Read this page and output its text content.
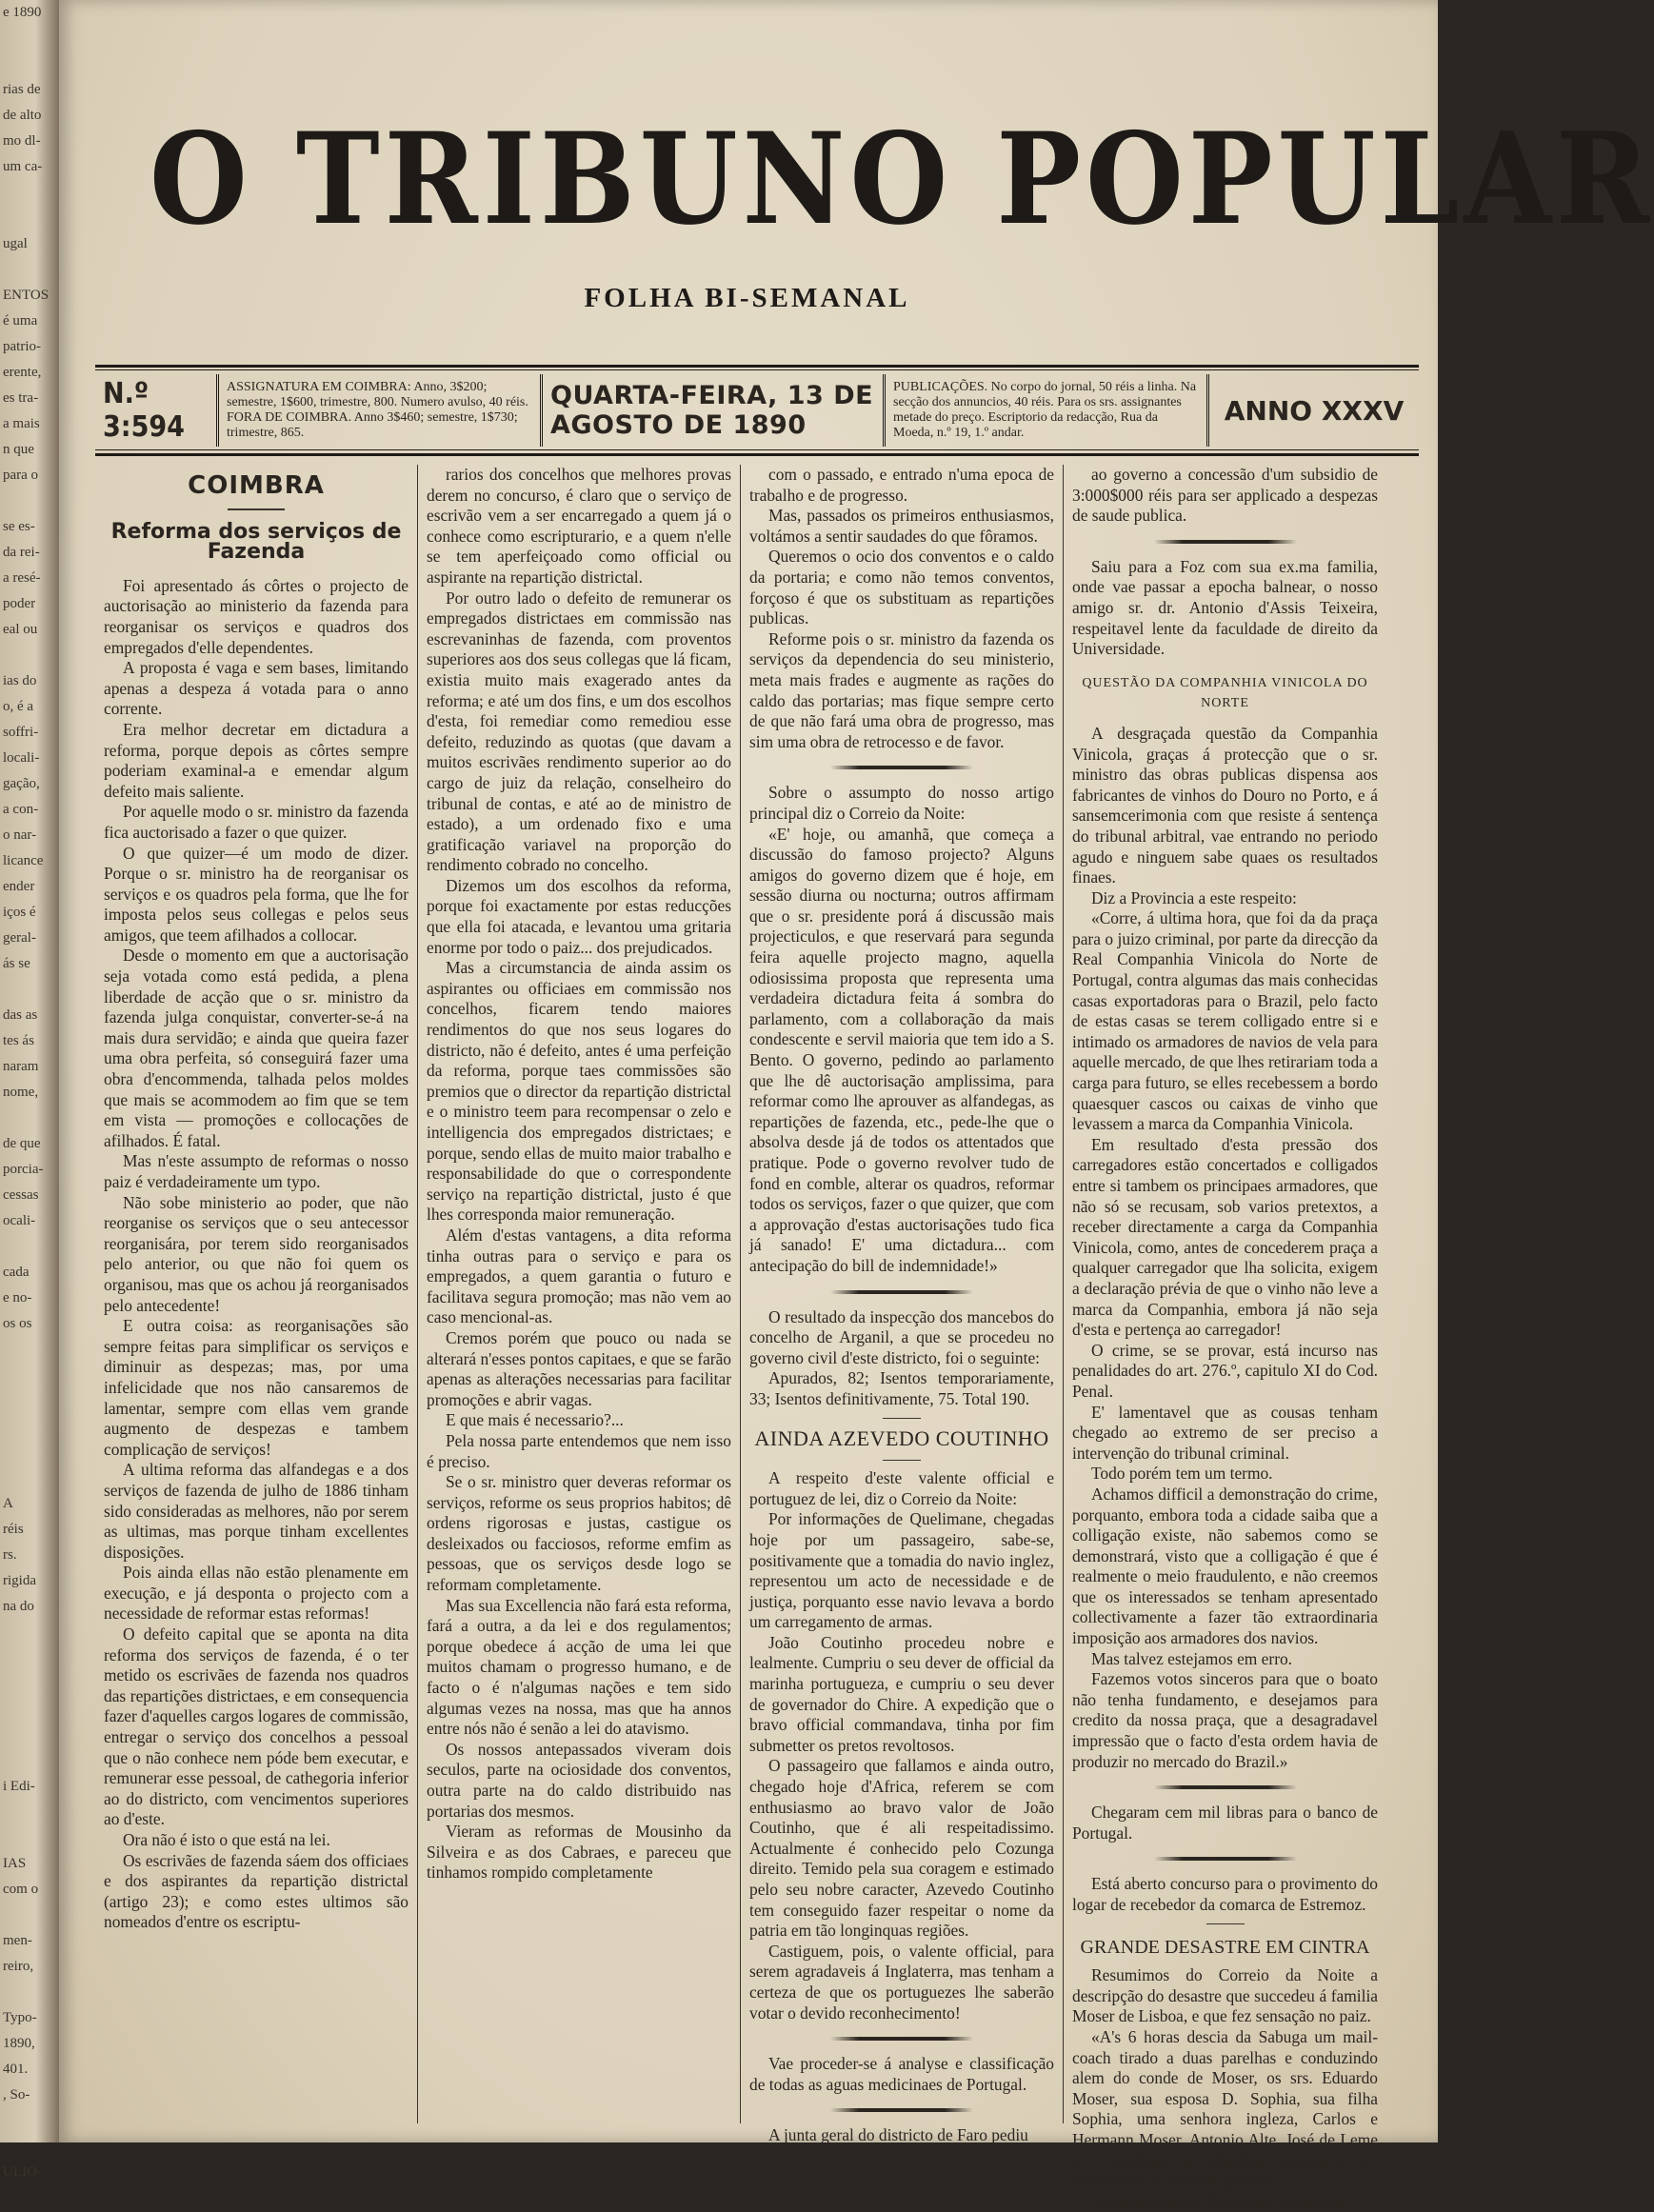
e 1890

rias de
de alto
mo dl-
um ca-

ugal

ENTOS
é uma
patrio-
erente,
es tra-
a mais
n que
para o

se es-
da rei-
a resé-
poder
eal ou

ias do
o, é a
soffri-
locali-
gação,
a con-
o nar-
licance
ender
iços é
geral-
ás se

das as
tes ás
naram
nome,

de que
porcia-
cessas
ocali-

cada
e no-
os os

A
réis
rs.
rigida
na do

i Edi-

IAS
com o

men-
reiro,

Typo-
1890,
401.
, So-

ULIO-
O TRIBUNO POPULAR
FOLHA BI-SEMANAL
N.º 3:594
ASSIGNATURA EM COIMBRA: Anno, 3$200; semestre, 1$600, trimestre, 800. Numero avulso, 40 réis. FORA DE COIMBRA. Anno 3$460; semestre, 1$730; trimestre, 865.
QUARTA-FEIRA, 13 DE AGOSTO DE 1890
PUBLICAÇÕES. No corpo do jornal, 50 réis a linha. Na secção dos annuncios, 40 réis. Para os srs. assignantes metade do preço. Escriptorio da redacção, Rua da Moeda, n.º 19, 1.º andar.
ANNO XXXV
COIMBRA
Reforma dos serviços de Fazenda

Foi apresentado ás côrtes o projecto de auctorisação ao ministerio da fazenda para reorganisar os serviços e quadros dos empregados d'elle dependentes.

A proposta é vaga e sem bases, limitando apenas a despeza á votada para o anno corrente.

Era melhor decretar em dictadura a reforma, porque depois as côrtes sempre poderiam examinal-a e emendar algum defeito mais saliente.

Por aquelle modo o sr. ministro da fazenda fica auctorisado a fazer o que quizer.

O que quizer—é um modo de dizer. Porque o sr. ministro ha de reorganisar os serviços e os quadros pela forma, que lhe for imposta pelos seus collegas e pelos seus amigos, que teem afilhados a collocar.

Desde o momento em que a auctorisação seja votada como está pedida, a plena liberdade de acção que o sr. ministro da fazenda julga conquistar, converter-se-á na mais dura servidão; e ainda que queira fazer uma obra perfeita, só conseguirá fazer uma obra d'encommenda, talhada pelos moldes que mais se acommodem ao fim que se tem em vista — promoções e collocações de afilhados. É fatal.

Mas n'este assumpto de reformas o nosso paiz é verdadeiramente um typo.

Não sobe ministerio ao poder, que não reorganise os serviços que o seu antecessor reorganisára, por terem sido reorganisados pelo anterior, ou que não foi quem os organisou, mas que os achou já reorganisados pelo antecedente!

E outra coisa: as reorganisações são sempre feitas para simplificar os serviços e diminuir as despezas; mas, por uma infelicidade que nos não cansaremos de lamentar, sempre com ellas vem grande augmento de despezas e tambem complicação de serviços!

A ultima reforma das alfandegas e a dos serviços de fazenda de julho de 1886 tinham sido consideradas as melhores, não por serem as ultimas, mas porque tinham excellentes disposições.

Pois ainda ellas não estão plenamente em execução, e já desponta o projecto com a necessidade de reformar estas reformas!

O defeito capital que se aponta na dita reforma dos serviços de fazenda, é o ter metido os escrivães de fazenda nos quadros das repartições districtaes, e em consequencia fazer d'aquelles cargos logares de commissão, entregar o serviço dos concelhos a pessoal que o não conhece nem póde bem executar, e remunerar esse pessoal, de cathegoria inferior ao do districto, com vencimentos superiores ao d'este.

Ora não é isto o que está na lei.

Os escrivães de fazenda sáem dos officiaes e dos aspirantes da repartição districtal (artigo 23); e como estes ultimos são nomeados d'entre os escriptu-

rarios dos concelhos que melhores provas derem no concurso, é claro que o serviço de escrivão vem a ser encarregado a quem já o conhece como escripturario, e a quem n'elle se tem aperfeiçoado como official ou aspirante na repartição districtal.

Por outro lado o defeito de remunerar os empregados districtaes em commissão nas escrevaninhas de fazenda, com proventos superiores aos dos seus collegas que lá ficam, existia muito mais exagerado antes da reforma; e até um dos fins, e um dos escolhos d'esta, foi remediar como remediou esse defeito, reduzindo as quotas (que davam a muitos escrivães rendimento superior ao do cargo de juiz da relação, conselheiro do tribunal de contas, e até ao de ministro de estado), a um ordenado fixo e uma gratificação variavel na proporção do rendimento cobrado no concelho.

Dizemos um dos escolhos da reforma, porque foi exactamente por estas reducções que ella foi atacada, e levantou uma gritaria enorme por todo o paiz... dos prejudicados.

Mas a circumstancia de ainda assim os aspirantes ou officiaes em commissão nos concelhos, ficarem tendo maiores rendimentos do que nos seus logares do districto, não é defeito, antes é uma perfeição da reforma, porque taes commissões são premios que o director da repartição districtal e o ministro teem para recompensar o zelo e intelligencia dos empregados districtaes; e porque, sendo ellas de muito maior trabalho e responsabilidade do que o correspondente serviço na repartição districtal, justo é que lhes corresponda maior remuneração.

Além d'estas vantagens, a dita reforma tinha outras para o serviço e para os empregados, a quem garantia o futuro e facilitava segura promoção; mas não vem ao caso mencional-as.

Cremos porém que pouco ou nada se alterará n'esses pontos capitaes, e que se farão apenas as alterações necessarias para facilitar promoções e abrir vagas.

E que mais é necessario?...

Pela nossa parte entendemos que nem isso é preciso.

Se o sr. ministro quer deveras reformar os serviços, reforme os seus proprios habitos; dê ordens rigorosas e justas, castigue os desleixados ou facciosos, reforme emfim as pessoas, que os serviços desde logo se reformam completamente.

Mas sua Excellencia não fará esta reforma, fará a outra, a da lei e dos regulamentos; porque obedece á acção de uma lei que muitos chamam o progresso humano, e de facto o é n'algumas nações e tem sido algumas vezes na nossa, mas que ha annos entre nós não é senão a lei do atavismo.

Os nossos antepassados viveram dois seculos, parte na ociosidade dos conventos, outra parte na do caldo distribuido nas portarias dos mesmos.

Vieram as reformas de Mousinho da Silveira e as dos Cabraes, e pareceu que tinhamos rompido completamente

com o passado, e entrado n'uma epoca de trabalho e de progresso.

Mas, passados os primeiros enthusiasmos, voltámos a sentir saudades do que fôramos.

Queremos o ocio dos conventos e o caldo da portaria; e como não temos conventos, forçoso é que os substituam as repartições publicas.

Reforme pois o sr. ministro da fazenda os serviços da dependencia do seu ministerio, meta mais frades e augmente as rações do caldo das portarias; mas fique sempre certo de que não fará uma obra de progresso, mas sim uma obra de retrocesso e de favor.

Sobre o assumpto do nosso artigo principal diz o Correio da Noite:

«E' hoje, ou amanhã, que começa a discussão do famoso projecto? Alguns amigos do governo dizem que é hoje, em sessão diurna ou nocturna; outros affirmam que o sr. presidente porá á discussão mais projecticulos, e que reservará para segunda feira aquelle projecto magno, aquella odiosissima proposta que representa uma verdadeira dictadura feita á sombra do parlamento, com a collaboração da mais condescente e servil maioria que tem ido a S. Bento. O governo, pedindo ao parlamento que lhe dê auctorisação amplissima, para reformar como lhe aprouver as alfandegas, as repartições de fazenda, etc., pede-lhe que o absolva desde já de todos os attentados que pratique. Pode o governo revolver tudo de fond en comble, alterar os quadros, reformar todos os serviços, fazer o que quizer, que com a approvação d'estas auctorisações tudo fica já sanado! E' uma dictadura... com antecipação do bill de indemnidade!»

O resultado da inspecção dos mancebos do concelho de Arganil, a que se procedeu no governo civil d'este districto, foi o seguinte:

Apurados, 82; Isentos temporariamente, 33; Isentos definitivamente, 75. Total 190.

AINDA AZEVEDO COUTINHO

A respeito d'este valente official e portuguez de lei, diz o Correio da Noite:

Por informações de Quelimane, chegadas hoje por um passageiro, sabe-se, positivamente que a tomadia do navio inglez, representou um acto de necessidade e de justiça, porquanto esse navio levava a bordo um carregamento de armas.

João Coutinho procedeu nobre e lealmente. Cumpriu o seu dever de official da marinha portugueza, e cumpriu o seu dever de governador do Chire. A expedição que o bravo official commandava, tinha por fim submetter os pretos revoltosos.

O passageiro que fallamos e ainda outro, chegado hoje d'Africa, referem se com enthusiasmo ao bravo valor de João Coutinho, que é ali respeitadissimo. Actualmente é conhecido pelo Cozunga direito. Temido pela sua coragem e estimado pelo seu nobre caracter, Azevedo Coutinho tem conseguido fazer respeitar o nome da patria em tão longinquas regiões.

Castiguem, pois, o valente official, para serem agradaveis á Inglaterra, mas tenham a certeza de que os portuguezes lhe saberão votar o devido reconhecimento!

Vae proceder-se á analyse e classificação de todas as aguas medicinaes de Portugal.

A junta geral do districto de Faro pediu

ao governo a concessão d'um subsidio de 3:000$000 réis para ser applicado a despezas de saude publica.

Saiu para a Foz com sua ex.ma familia, onde vae passar a epocha balnear, o nosso amigo sr. dr. Antonio d'Assis Teixeira, respeitavel lente da faculdade de direito da Universidade.

QUESTÃO DA COMPANHIA VINICOLA DO NORTE

A desgraçada questão da Companhia Vinicola, graças á protecção que o sr. ministro das obras publicas dispensa aos fabricantes de vinhos do Douro no Porto, e á sansemcerimonia com que resiste á sentença do tribunal arbitral, vae entrando no periodo agudo e ninguem sabe quaes os resultados finaes.

Diz a Provincia a este respeito:

«Corre, á ultima hora, que foi da da praça para o juizo criminal, por parte da direcção da Real Companhia Vinicola do Norte de Portugal, contra algumas das mais conhecidas casas exportadoras para o Brazil, pelo facto de estas casas se terem colligado entre si e intimado os armadores de navios de vela para aquelle mercado, de que lhes retirariam toda a carga para futuro, se elles recebessem a bordo quaesquer cascos ou caixas de vinho que levassem a marca da Companhia Vinicola.

Em resultado d'esta pressão dos carregadores estão concertados e colligados entre si tambem os principaes armadores, que não só se recusam, sob varios pretextos, a receber directamente a carga da Companhia Vinicola, como, antes de concederem praça a qualquer carregador que lha solicita, exigem a declaração prévia de que o vinho não leve a marca da Companhia, embora já não seja d'esta e pertença ao carregador!

O crime, se se provar, está incurso nas penalidades do art. 276.º, capitulo XI do Cod. Penal.

E' lamentavel que as cousas tenham chegado ao extremo de ser preciso a intervenção do tribunal criminal.

Todo porém tem um termo.

Achamos difficil a demonstração do crime, porquanto, embora toda a cidade saiba que a colligação existe, não sabemos como se demonstrará, visto que a colligação é que é realmente o meio fraudulento, e não creemos que os interessados se tenham apresentado collectivamente a fazer tão extraordinaria imposição aos armadores dos navios.

Mas talvez estejamos em erro.

Fazemos votos sinceros para que o boato não tenha fundamento, e desejamos para credito da nossa praça, que a desagradavel impressão que o facto d'esta ordem havia de produzir no mercado do Brazil.»

Chegaram cem mil libras para o banco de Portugal.

Está aberto concurso para o provimento do logar de recebedor da comarca de Estremoz.

GRANDE DESASTRE EM CINTRA

Resumimos do Correio da Noite a descripção do desastre que succedeu á familia Moser de Lisboa, e que fez sensação no paiz.

«A's 6 horas descia da Sabuga um mail-coach tirado a duas parelhas e conduzindo alem do conde de Moser, os srs. Eduardo Moser, sua esposa D. Sophia, sua filha Sophia, uma senhora ingleza, Carlos e Hermann Moser, Antonio Alte, José de Leme s, o cocheiro na almofada traseira e um trintanario: ao todo 11 pessoas.

A quem da fonte da Sabuga um dos ca-
